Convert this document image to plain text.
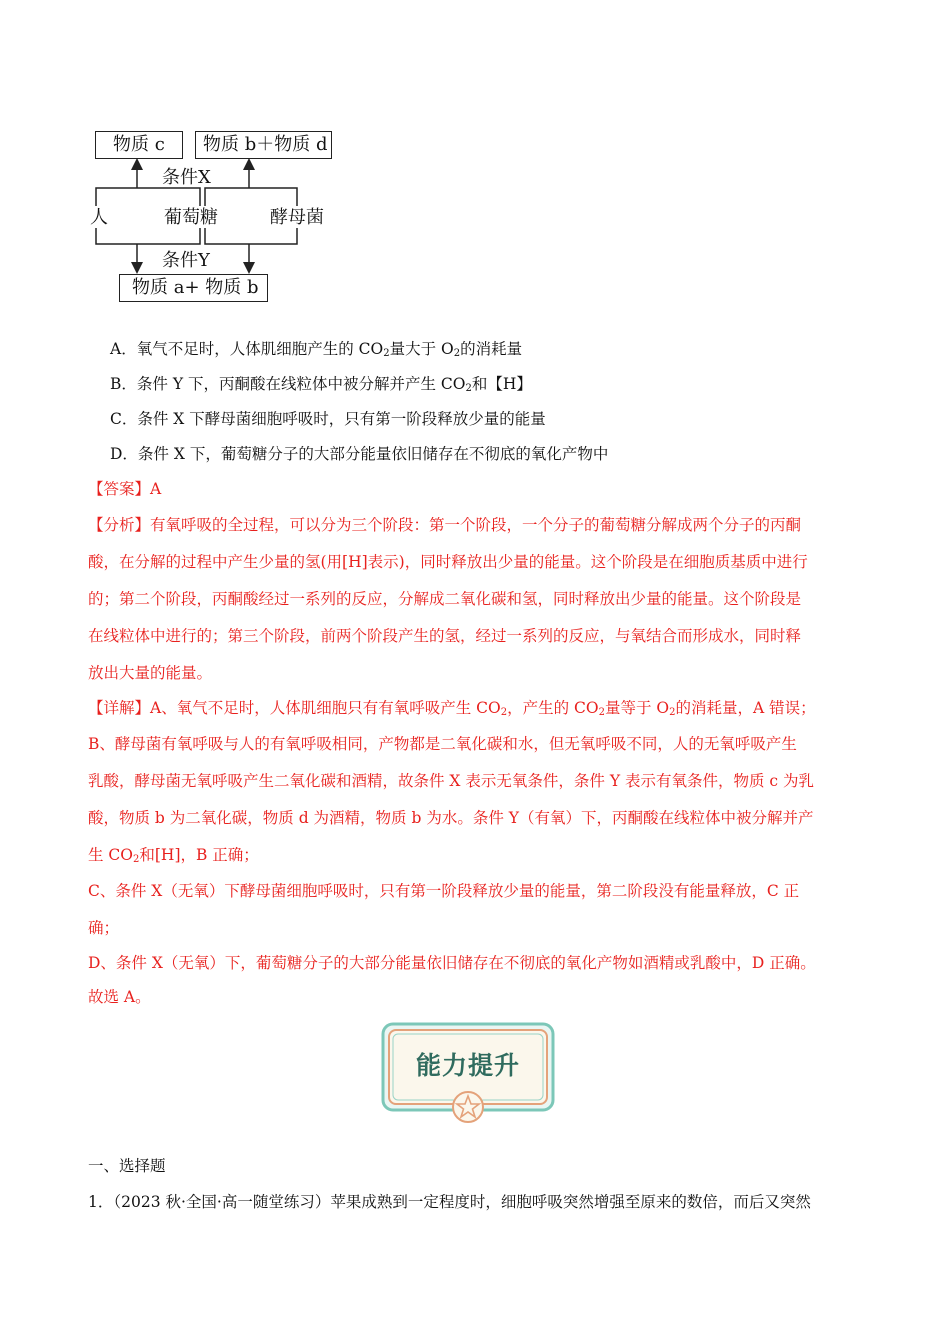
物质 c 物质 b＋物质 d
条件X
人	葡萄糖	酵母菌
条件Y
物质 a+ 物质 b
A．氧气不足时，人体肌细胞产生的 $CO_2$量大于 $O_2$的消耗量
B．条件 Y 下，丙酮酸在线粒体中被分解并产生 $CO_2$和【H】
C．条件 X 下酵母菌细胞呼吸时，只有第一阶段释放少量的能量
D．条件 X 下，葡萄糖分子的大部分能量依旧储存在不彻底的氧化产物中
【答案】A
【分析】有氧呼吸的全过程，可以分为三个阶段：第一个阶段，一个分子的葡萄糖分解成两个分子的丙酮
酸，在分解的过程中产生少量的氢(用[H]表示)，同时释放出少量的能量。这个阶段是在细胞质基质中进行
的；第二个阶段，丙酮酸经过一系列的反应，分解成二氧化碳和氢，同时释放出少量的能量。这个阶段是
在线粒体中进行的；第三个阶段，前两个阶段产生的氢，经过一系列的反应，与氧结合而形成水，同时释
放出大量的能量。
【详解】A、氧气不足时，人体肌细胞只有有氧呼吸产生 $CO_2$，产生的 $CO_2$量等于 $O_2$的消耗量，A 错误；
B、酵母菌有氧呼吸与人的有氧呼吸相同，产物都是二氧化碳和水，但无氧呼吸不同，人的无氧呼吸产生
乳酸，酵母菌无氧呼吸产生二氧化碳和酒精，故条件 X 表示无氧条件，条件 Y 表示有氧条件，物质 c 为乳
酸，物质 b 为二氧化碳，物质 d 为酒精，物质 b 为水。条件 Y（有氧）下，丙酮酸在线粒体中被分解并产
生 $CO_2$和[H]，B 正确；
C、条件 X（无氧）下酵母菌细胞呼吸时，只有第一阶段释放少量的能量，第二阶段没有能量释放，C 正
确；
D、条件 X（无氧）下，葡萄糖分子的大部分能量依旧储存在不彻底的氧化产物如酒精或乳酸中，D 正确。
故选 A。
能力提升
一、选择题
1．（2023 秋·全国·高一随堂练习）苹果成熟到一定程度时，细胞呼吸突然增强至原来的数倍，而后又突然
